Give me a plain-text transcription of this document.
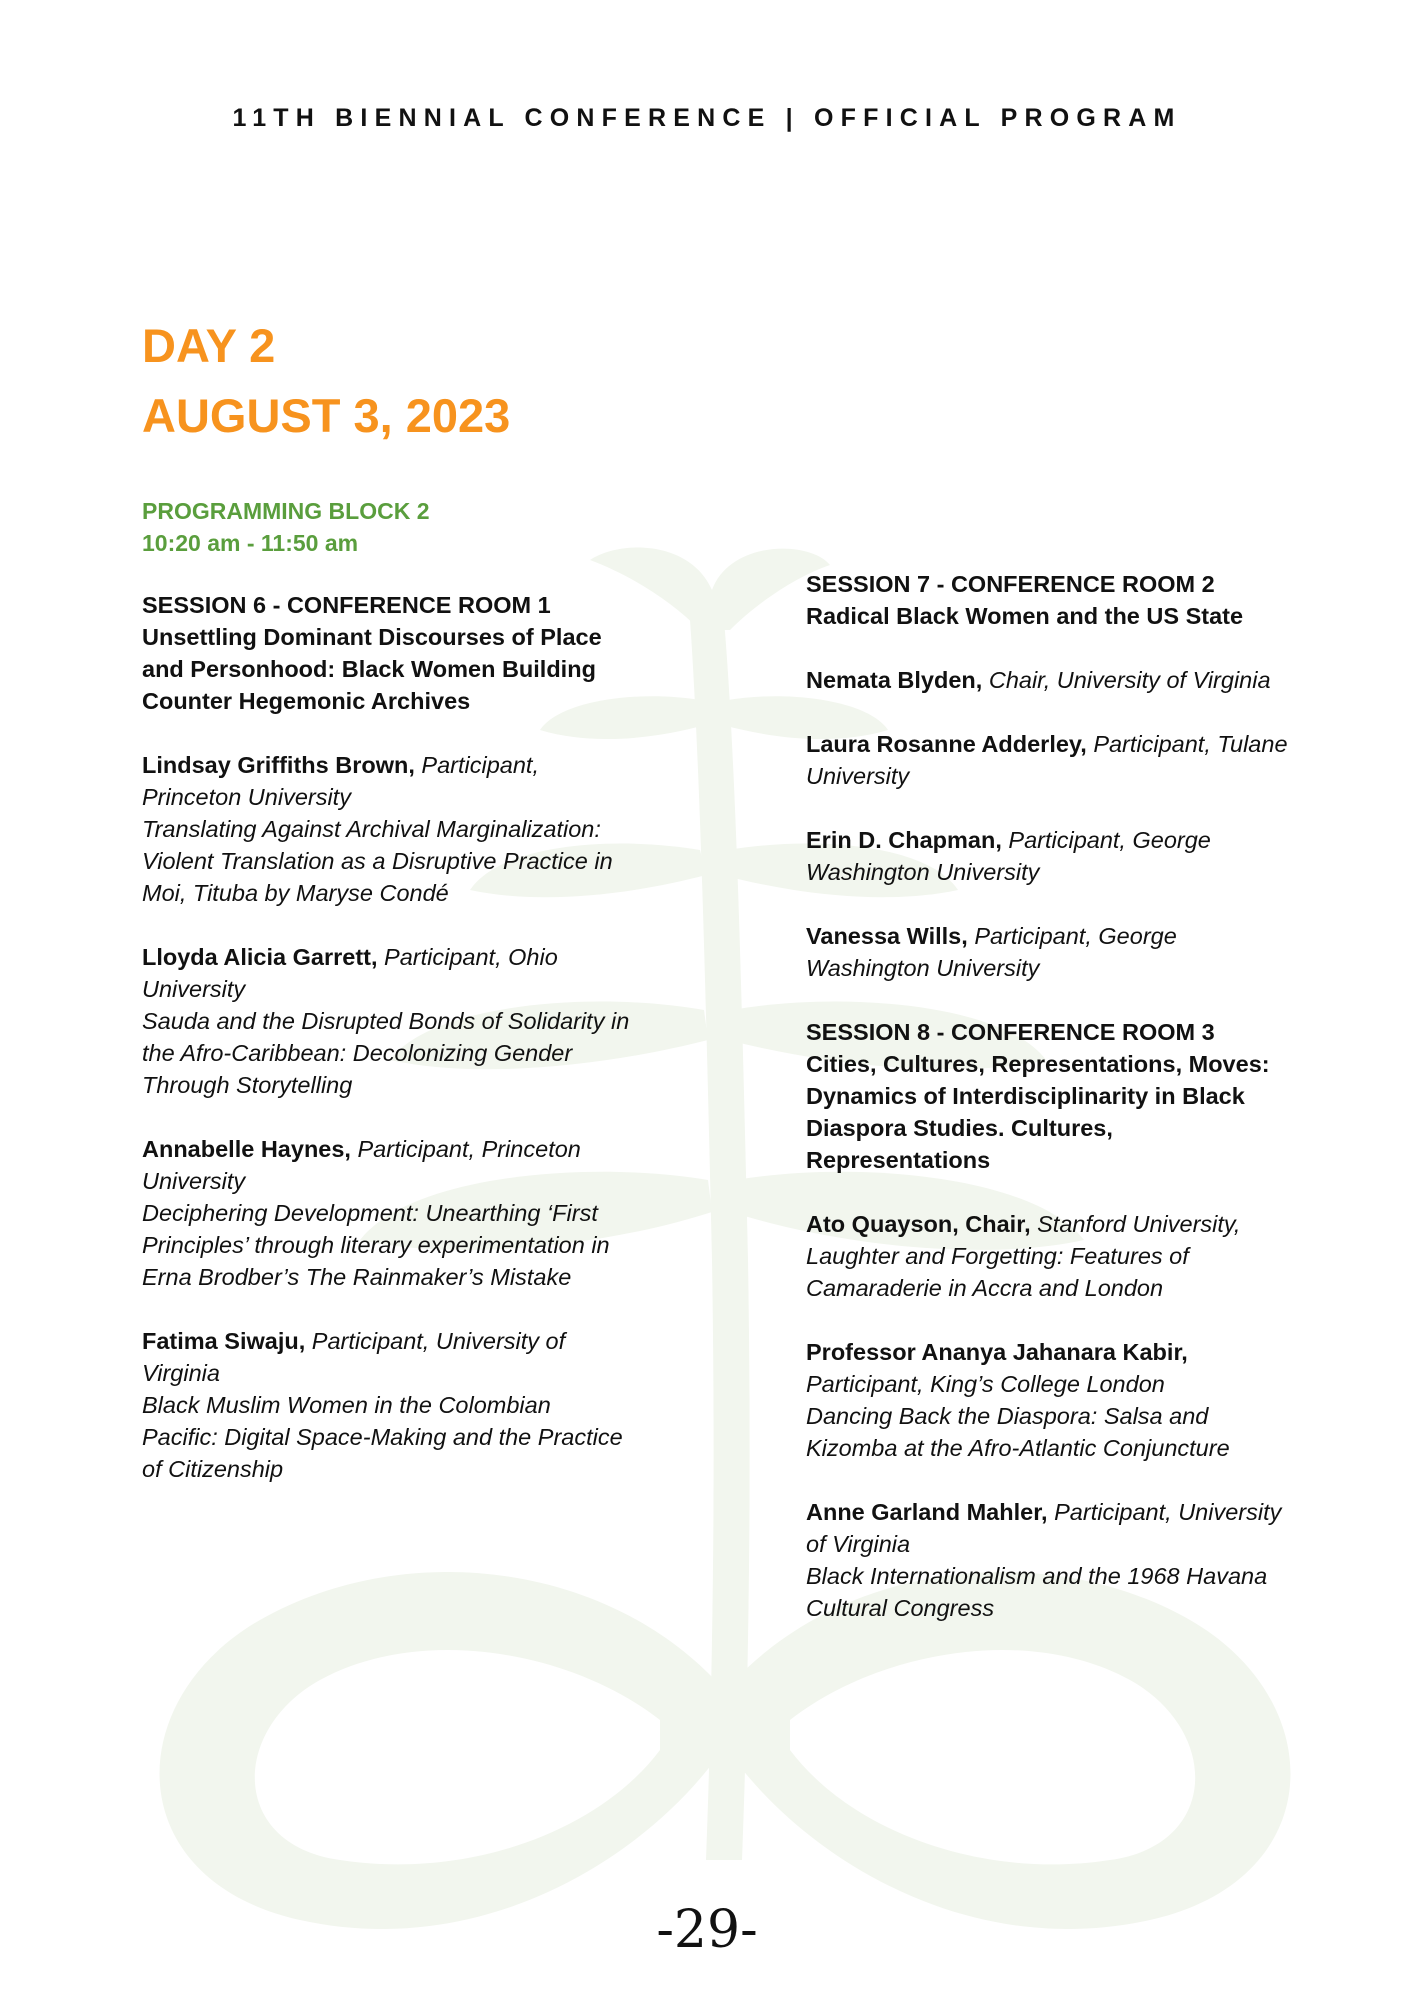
11TH BIENNIAL CONFERENCE | OFFICIAL PROGRAM
DAY 2
AUGUST 3, 2023
PROGRAMMING BLOCK 2
10:20 am - 11:50 am
SESSION 6 - CONFERENCE ROOM 1
Unsettling Dominant Discourses of Place and Personhood: Black Women Building Counter Hegemonic Archives
Lindsay Griffiths Brown, Participant, Princeton University
Translating Against Archival Marginalization: Violent Translation as a Disruptive Practice in Moi, Tituba by Maryse Condé
Lloyda Alicia Garrett, Participant, Ohio University
Sauda and the Disrupted Bonds of Solidarity in the Afro-Caribbean: Decolonizing Gender Through Storytelling
Annabelle Haynes, Participant, Princeton University
Deciphering Development: Unearthing ‘First Principles’ through literary experimentation in Erna Brodber’s The Rainmaker’s Mistake
Fatima Siwaju, Participant, University of Virginia
Black Muslim Women in the Colombian Pacific: Digital Space-Making and the Practice of Citizenship
SESSION 7 - CONFERENCE ROOM 2
Radical Black Women and the US State
Nemata Blyden, Chair, University of Virginia
Laura Rosanne Adderley, Participant, Tulane University
Erin D. Chapman, Participant, George Washington University
Vanessa Wills, Participant, George Washington University
SESSION 8 - CONFERENCE ROOM 3
Cities, Cultures, Representations, Moves: Dynamics of Interdisciplinarity in Black Diaspora Studies. Cultures, Representations
Ato Quayson, Chair, Stanford University, Laughter and Forgetting: Features of Camaraderie in Accra and London
Professor Ananya Jahanara Kabir, Participant, King’s College London
Dancing Back the Diaspora: Salsa and Kizomba at the Afro-Atlantic Conjuncture
Anne Garland Mahler, Participant, University of Virginia
Black Internationalism and the 1968 Havana Cultural Congress
-29-
